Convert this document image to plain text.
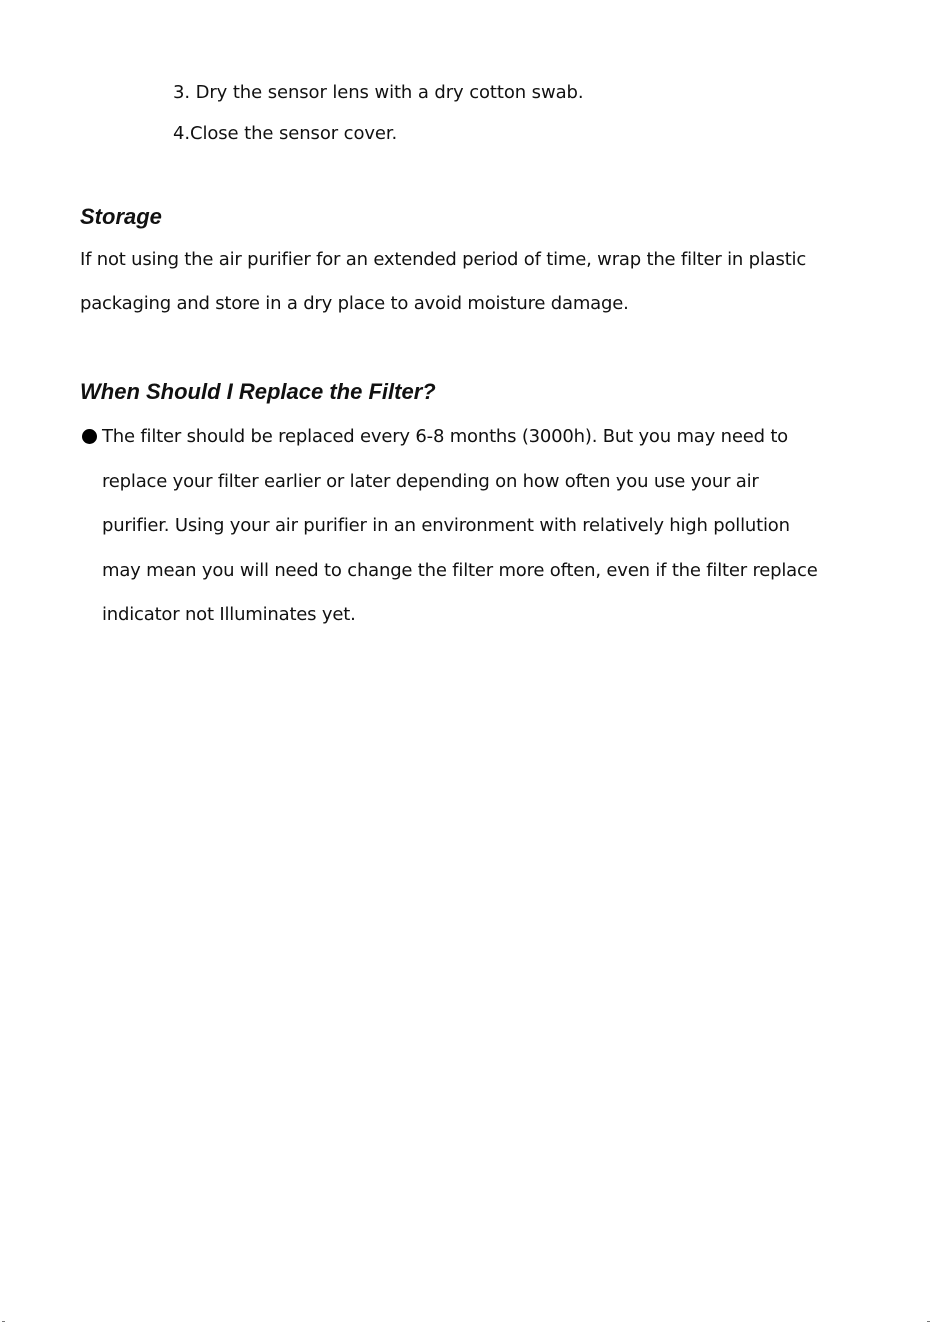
3. Dry the sensor lens with a dry cotton swab.
4.Close the sensor cover.
Storage
If not using the air purifier for an extended period of time, wrap the filter in plastic
packaging and store in a dry place to avoid moisture damage.
When Should I Replace the Filter?
The filter should be replaced every 6-8 months (3000h). But you may need to
replace your filter earlier or later depending on how often you use your air
purifier. Using your air purifier in an environment with relatively high pollution
may mean you will need to change the filter more often, even if the filter replace
indicator not Illuminates yet.
